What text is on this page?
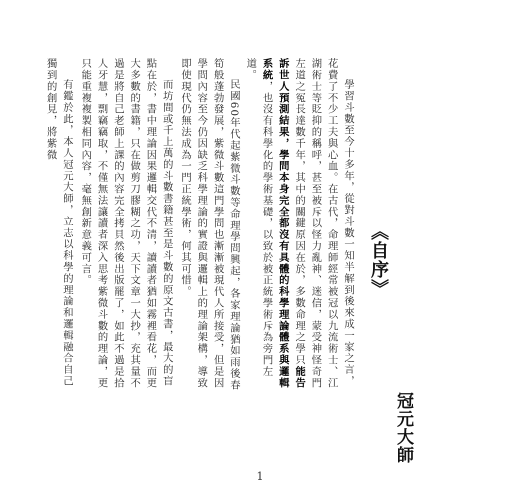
《自序》
冠元大師

學習斗數至今十多年，從對斗數一知半解到後來成一家之言，花費了不少工夫與心血。在古代，命理師經常被冠以九流術士、江湖術士等貶抑的稱呼，甚至被斥以怪力亂神、迷信，蒙受神怪奇門左道之冤長達數千年，其中的關鍵原因在於，多數命理之學只能告訴世人預測結果，學問本身完全都沒有具體的科學理論體系與邏輯系統，也沒有科學化的學術基礎，以致於被正統學術斥為旁門左道。

民國60年代起紫微斗數等命理學問興起，各家理論猶如雨後春筍般蓬勃發展，紫微斗數這門學問也漸漸被現代人所接受，但是因學問內容至今仍因缺乏科學理論的實證與邏輯上的理論架構，導致即使現代仍無法成為一門正統學術，何其可惜。

而坊間或千上萬的斗數書籍甚至是斗數的原文古書，最大的盲點在於，書中理論因果邏輯交代不清，讀讀者猶如霧裡看花，而更大多數的書籍，只在做剪刀膠糊之功，天下文章一大抄，充其量不過是將自己老師上課的內容完全拷貝然後出版罷了，如此不過是拾人牙慧，剽竊竊取，不僅無法讓讀者深入思考紫微斗數的理論，更只能重複複製相同內容，毫無創新意義可言。

有鑑於此，本人冠元大師，立志以科學的理論和邏輯融合自己獨到的創見，將紫微

1
